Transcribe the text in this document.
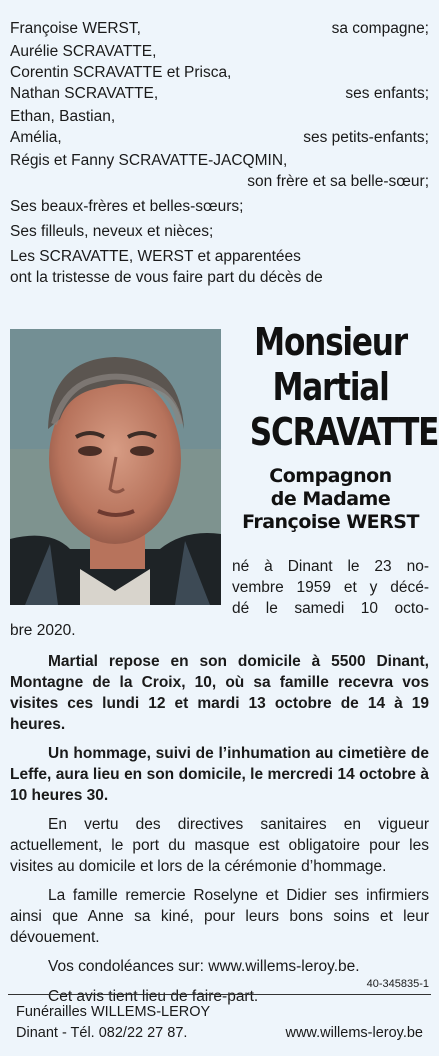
Françoise WERST,	sa compagne;
Aurélie SCRAVATTE,
Corentin SCRAVATTE et Prisca,
Nathan SCRAVATTE,	ses enfants;
Ethan, Bastian,
Amélia,	ses petits-enfants;
Régis et Fanny SCRAVATTE-JACQMIN,
son frère et sa belle-sœur;
Ses beaux-frères et belles-sœurs;
Ses filleuls, neveux et nièces;
Les SCRAVATTE, WERST et apparentées
ont la tristesse de vous faire part du décès de
Monsieur
Martial
SCRAVATTE
Compagnon
de Madame
Françoise WERST
né à Dinant le 23 no-
vembre 1959 et y décé-
dé le samedi 10 octo-
bre 2020.
Martial repose en son domicile à 5500 Dinant, Montagne de la Croix, 10, où sa famille recevra vos visites ces lundi 12 et mardi 13 octobre de 14 à 19 heures.
Un hommage, suivi de l’inhumation au cimetière de Leffe, aura lieu en son domicile, le mercredi 14 octobre à 10 heures 30.
En vertu des directives sanitaires en vigueur actuellement, le port du masque est obligatoire pour les visites au domicile et lors de la cérémonie d’hommage.
La famille remercie Roselyne et Didier ses infirmiers ainsi que Anne sa kiné, pour leurs bons soins et leur dévouement.
Vos condoléances sur: www.willems-leroy.be.
Cet avis tient lieu de faire-part.
40-345835-1
Funérailles WILLEMS-LEROY
Dinant - Tél. 082/22 27 87.	www.willems-leroy.be
